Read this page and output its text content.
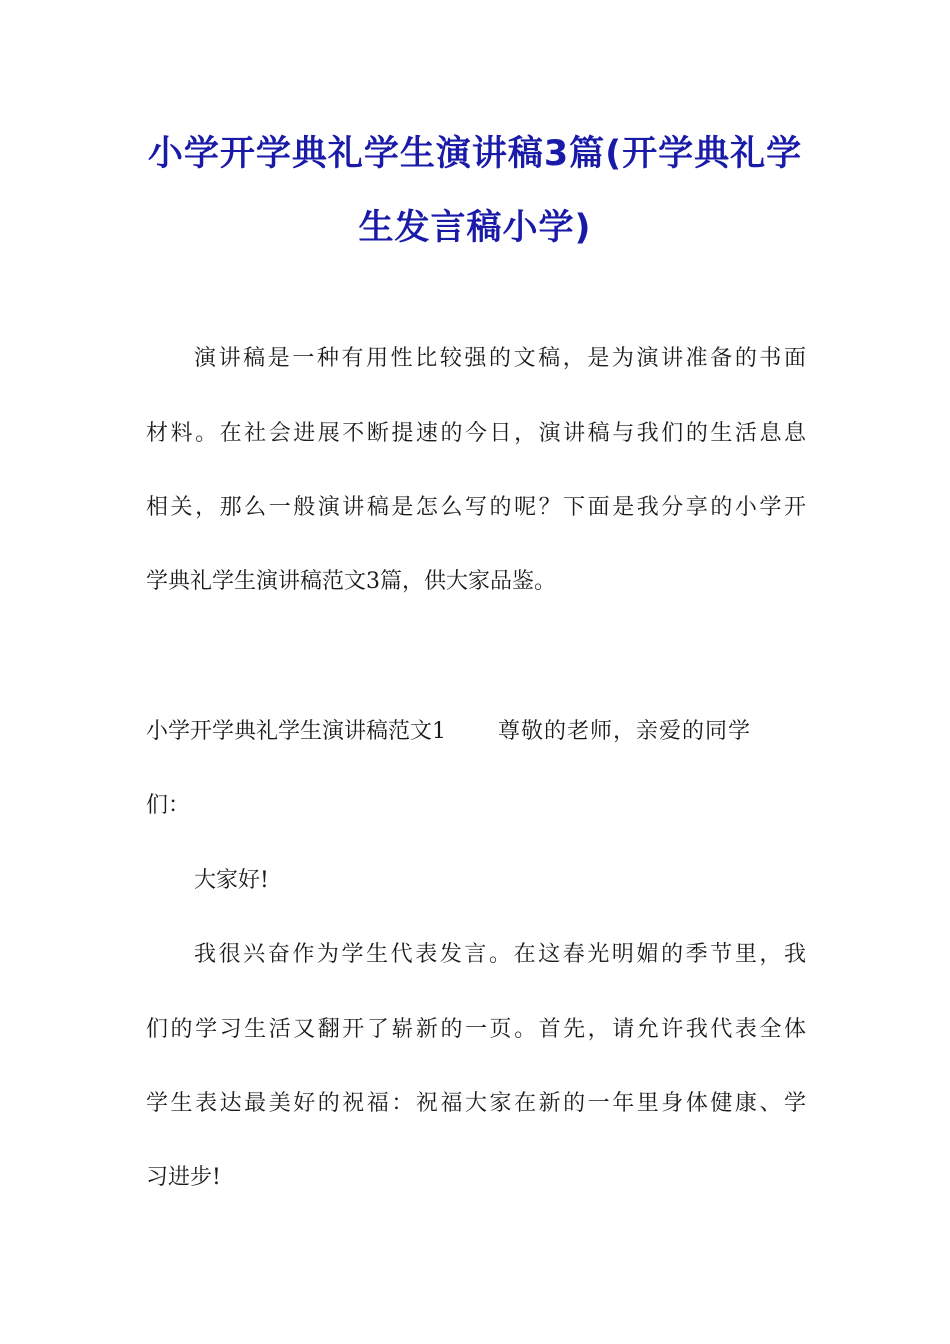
小学开学典礼学生演讲稿3篇(开学典礼学
生发言稿小学)

演讲稿是一种有用性比较强的文稿，是为演讲准备的书面

材料。在社会进展不断提速的今日，演讲稿与我们的生活息息

相关，那么一般演讲稿是怎么写的呢？下面是我分享的小学开

学典礼学生演讲稿范文3篇，供大家品鉴。

小学开学典礼学生演讲稿范文1 尊敬的老师，亲爱的同学

们：

大家好!

我很兴奋作为学生代表发言。在这春光明媚的季节里，我

们的学习生活又翻开了崭新的一页。首先，请允许我代表全体

学生表达最美好的祝福：祝福大家在新的一年里身体健康、学

习进步!
